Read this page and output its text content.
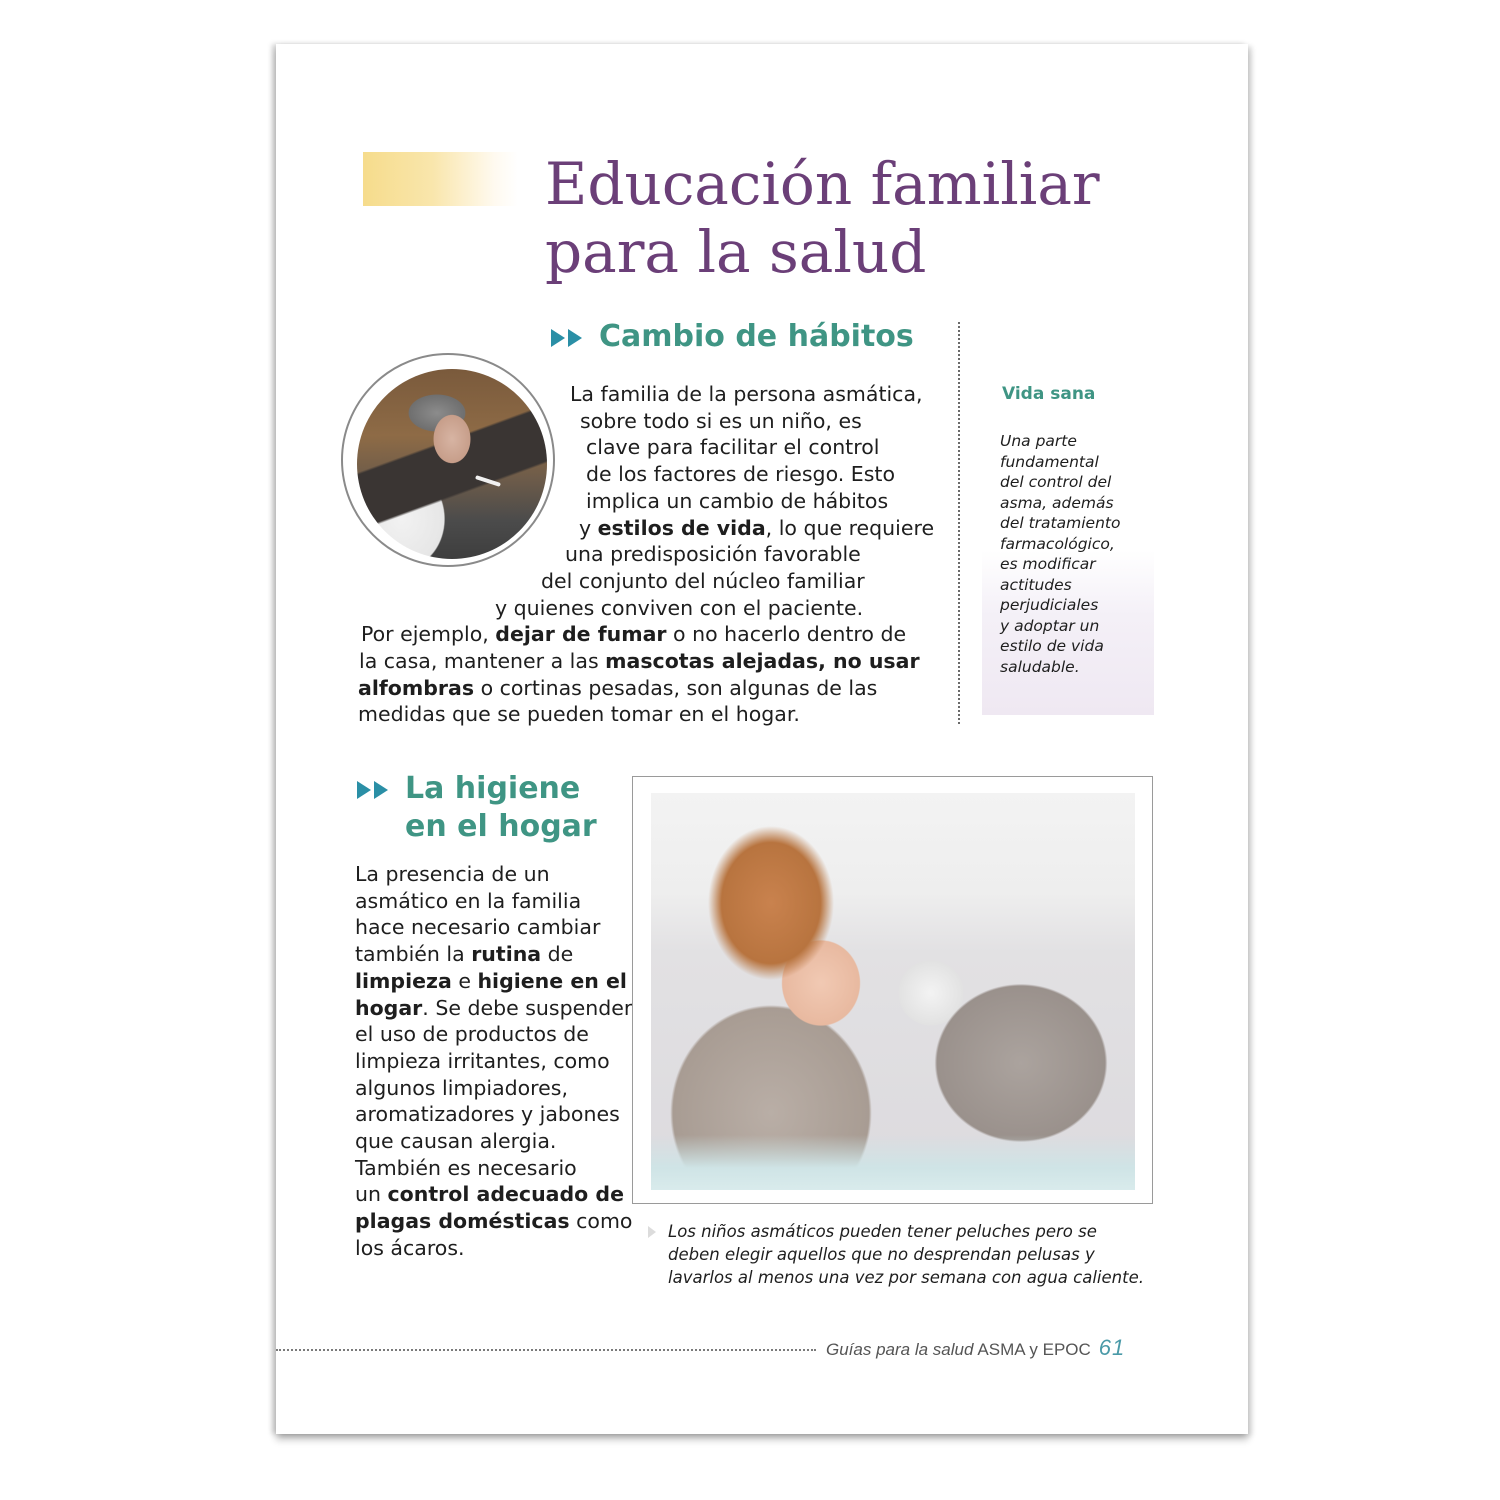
Educación familiar
para la salud
Cambio de hábitos
La familia de la persona asmática,
sobre todo si es un niño, es
clave para facilitar el control
de los factores de riesgo. Esto
implica un cambio de hábitos
y estilos de vida, lo que requiere
una predisposición favorable
del conjunto del núcleo familiar
y quienes conviven con el paciente.
Por ejemplo, dejar de fumar o no hacerlo dentro de
la casa, mantener a las mascotas alejadas, no usar
alfombras o cortinas pesadas, son algunas de las
medidas que se pueden tomar en el hogar.
Vida sana
Una parte
fundamental
del control del
asma, además
del tratamiento
farmacológico,
es modificar
actitudes
perjudiciales
y adoptar un
estilo de vida
saludable.
La higiene
en el hogar
La presencia de un
asmático en la familia
hace necesario cambiar
también la rutina de
limpieza e higiene en el
hogar. Se debe suspender
el uso de productos de
limpieza irritantes, como
algunos limpiadores,
aromatizadores y jabones
que causan alergia.
También es necesario
un control adecuado de
plagas domésticas como
los ácaros.
Los niños asmáticos pueden tener peluches pero se
deben elegir aquellos que no desprendan pelusas y
lavarlos al menos una vez por semana con agua caliente.
Guías para la salud ASMA y EPOC 61
